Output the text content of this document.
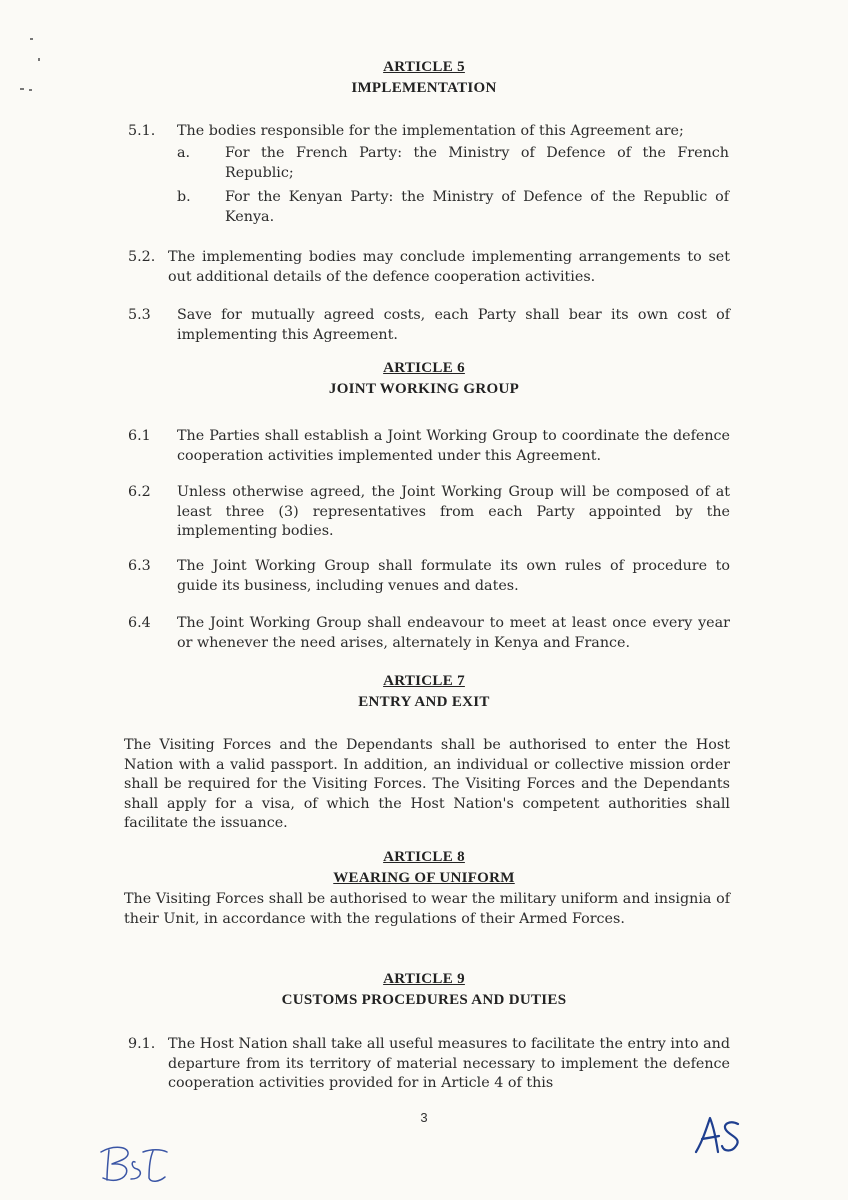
ARTICLE 5
IMPLEMENTATION
5.1. The bodies responsible for the implementation of this Agreement are;

a. For the French Party: the Ministry of Defence of the French Republic;

b. For the Kenyan Party: the Ministry of Defence of the Republic of Kenya.

5.2. The implementing bodies may conclude implementing arrangements to set out additional details of the defence cooperation activities.

5.3 Save for mutually agreed costs, each Party shall bear its own cost of implementing this Agreement.

ARTICLE 6
JOINT WORKING GROUP
6.1 The Parties shall establish a Joint Working Group to coordinate the defence cooperation activities implemented under this Agreement.

6.2 Unless otherwise agreed, the Joint Working Group will be composed of at least three (3) representatives from each Party appointed by the implementing bodies.

6.3 The Joint Working Group shall formulate its own rules of procedure to guide its business, including venues and dates.

6.4 The Joint Working Group shall endeavour to meet at least once every year or whenever the need arises, alternately in Kenya and France.

ARTICLE 7
ENTRY AND EXIT

The Visiting Forces and the Dependants shall be authorised to enter the Host Nation with a valid passport. In addition, an individual or collective mission order shall be required for the Visiting Forces. The Visiting Forces and the Dependants shall apply for a visa, of which the Host Nation's competent authorities shall facilitate the issuance.

ARTICLE 8
WEARING OF UNIFORM

The Visiting Forces shall be authorised to wear the military uniform and insignia of their Unit, in accordance with the regulations of their Armed Forces.

ARTICLE 9
CUSTOMS PROCEDURES AND DUTIES
9.1. The Host Nation shall take all useful measures to facilitate the entry into and departure from its territory of material necessary to implement the defence cooperation activities provided for in Article 4 of this

3
